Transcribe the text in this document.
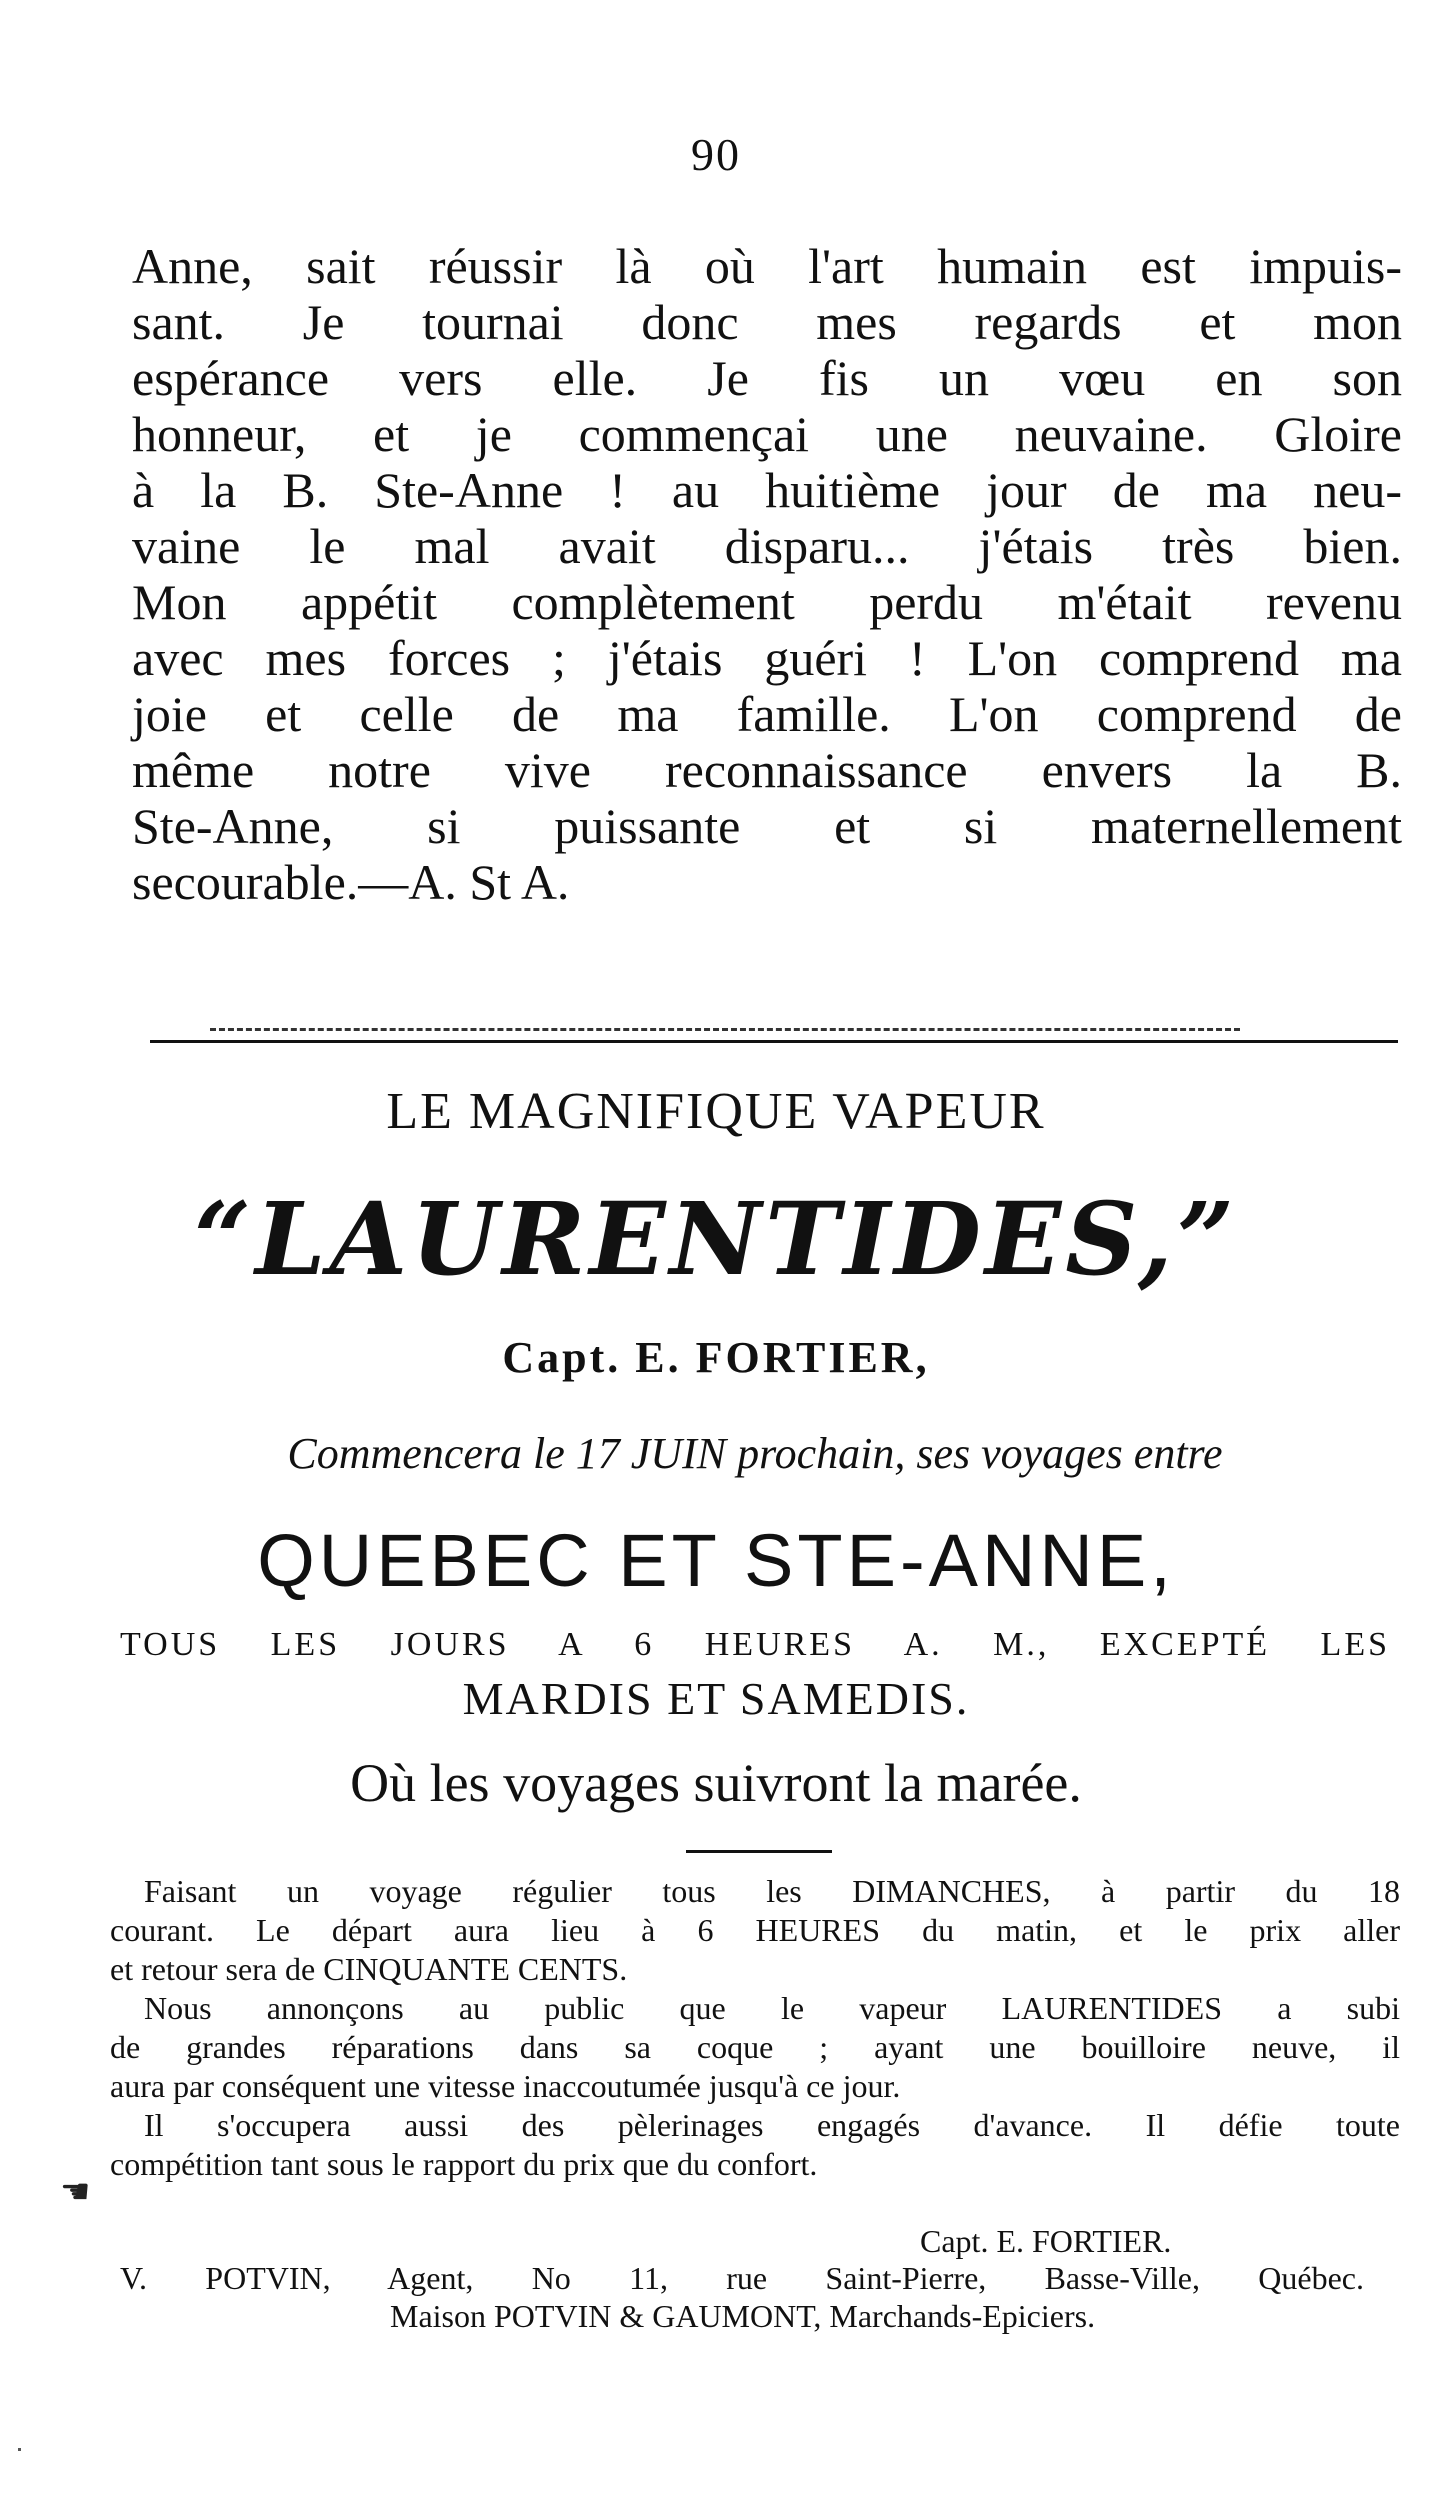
90
Anne, sait réussir là où l'art humain est impuis-
sant. Je tournai donc mes regards et mon
espérance vers elle. Je fis un vœu en son
honneur, et je commençai une neuvaine. Gloire
à la B. Ste-Anne ! au huitième jour de ma neu-
vaine le mal avait disparu... j'étais très bien.
Mon appétit complètement perdu m'était revenu
avec mes forces ; j'étais guéri ! L'on comprend ma
joie et celle de ma famille. L'on comprend de
même notre vive reconnaissance envers la B.
Ste-Anne, si puissante et si maternellement
secourable.—A. St A.
LE MAGNIFIQUE VAPEUR
“LAURENTIDES,”
Capt. E. FORTIER,
Commencera le 17 JUIN prochain, ses voyages entre
QUEBEC ET STE-ANNE,
TOUS LES JOURS A 6 HEURES A. M., EXCEPTÉ LES
MARDIS ET SAMEDIS.
Où les voyages suivront la marée.
Faisant un voyage régulier tous les DIMANCHES, à partir du 18
courant. Le départ aura lieu à 6 HEURES du matin, et le prix aller
et retour sera de CINQUANTE CENTS.
Nous annonçons au public que le vapeur LAURENTIDES a subi
de grandes réparations dans sa coque ; ayant une bouilloire neuve, il
aura par conséquent une vitesse inaccoutumée jusqu'à ce jour.
Il s'occupera aussi des pèlerinages engagés d'avance. Il défie toute
compétition tant sous le rapport du prix que du confort.
☚
Capt. E. FORTIER.
V. POTVIN, Agent, No 11, rue Saint-Pierre, Basse-Ville, Québec.
Maison POTVIN & GAUMONT, Marchands-Epiciers.
